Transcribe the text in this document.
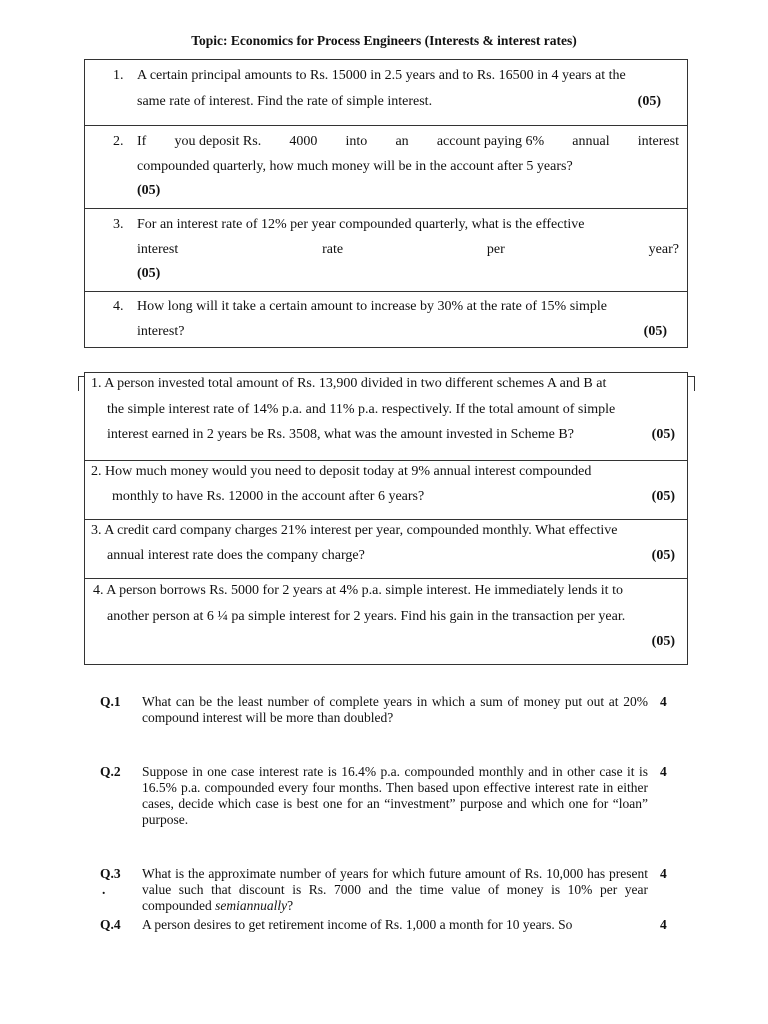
Topic: Economics for Process Engineers (Interests & interest rates)
1. A certain principal amounts to Rs. 15000 in 2.5 years and to Rs. 16500 in 4 years at the
same rate of interest. Find the rate of simple interest.	(05)
2. If you deposit Rs. 4000 into an account paying 6% annual interest
compounded quarterly, how much money will be in the account after 5 years?
(05)
3. For an interest rate of 12% per year compounded quarterly, what is the effective
interest	rate	per	year?
(05)
4. How long will it take a certain amount to increase by 30% at the rate of 15% simple
interest?	(05)
1. A person invested total amount of Rs. 13,900 divided in two different schemes A and B at
the simple interest rate of 14% p.a. and 11% p.a. respectively. If the total amount of simple
interest earned in 2 years be Rs. 3508, what was the amount invested in Scheme B?	(05)
2. How much money would you need to deposit today at 9% annual interest compounded
monthly to have Rs. 12000 in the account after 6 years?	(05)
3. A credit card company charges 21% interest per year, compounded monthly. What effective
annual interest rate does the company charge?	(05)
4. A person borrows Rs. 5000 for 2 years at 4% p.a. simple interest. He immediately lends it to
another person at 6 ¼ pa simple interest for 2 years. Find his gain in the transaction per year.
(05)
Q.1 What can be the least number of complete years in which a sum of money put out at 20% compound interest will be more than doubled?
4
Q.2 Suppose in one case interest rate is 16.4% p.a. compounded monthly and in other case it is 16.5% p.a. compounded every four months. Then based upon effective interest rate in either cases, decide which case is best one for an “investment” purpose and which one for “loan” purpose.
4
Q.3
.
What is the approximate number of years for which future amount of Rs. 10,000 has present value such that discount is Rs. 7000 and the time value of money is 10% per year compounded semiannually?
4
Q.4 A person desires to get retirement income of Rs. 1,000 a month for 10 years. So	4
